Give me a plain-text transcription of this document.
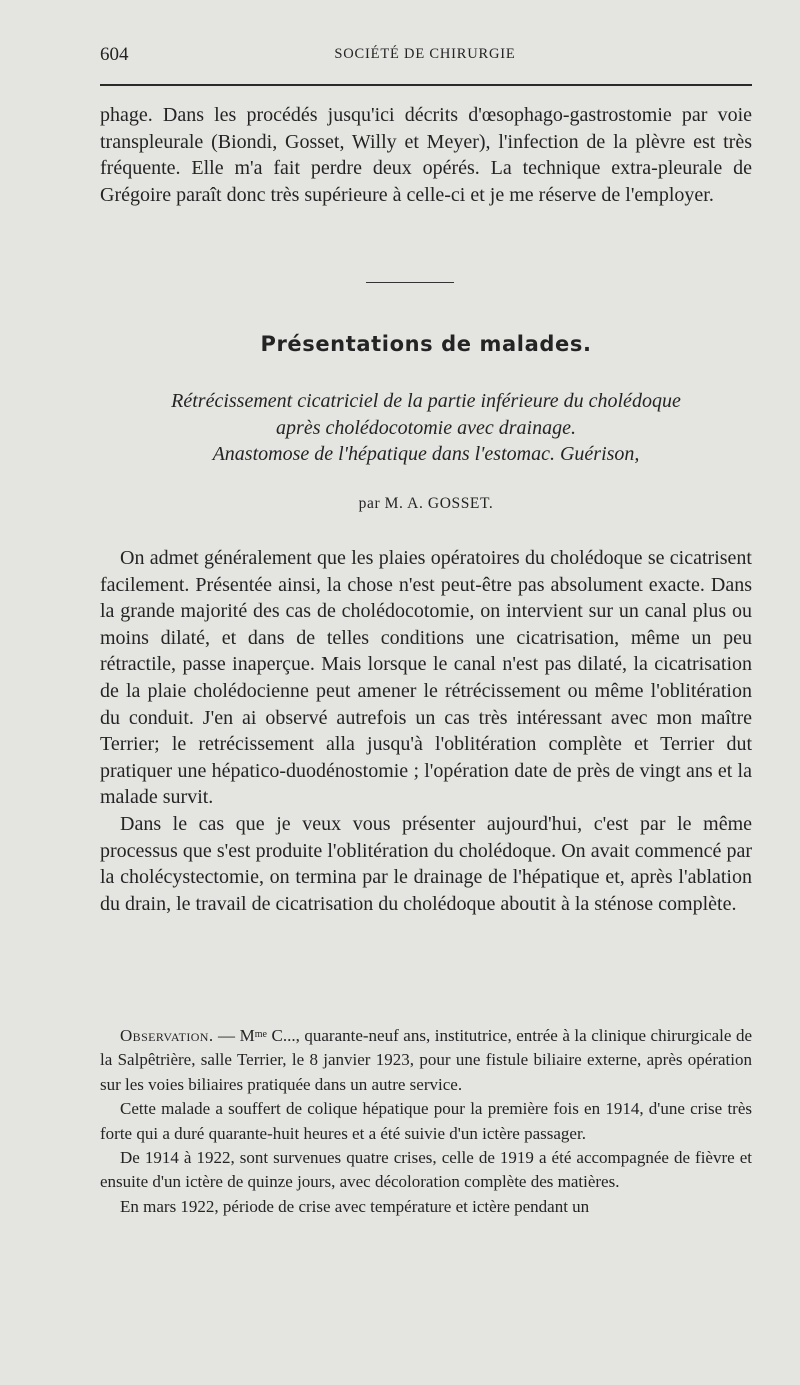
604	SOCIÉTÉ DE CHIRURGIE

phage. Dans les procédés jusqu'ici décrits d'œsophago-gastrostomie par voie transpleurale (Biondi, Gosset, Willy et Meyer), l'infection de la plèvre est très fréquente. Elle m'a fait perdre deux opérés. La technique extra-pleurale de Grégoire paraît donc très supérieure à celle-ci et je me réserve de l'employer.

Présentations de malades.
Rétrécissement cicatriciel de la partie inférieure du cholédoque
après cholédocotomie avec drainage.
Anastomose de l'hépatique dans l'estomac. Guérison,

par M. A. GOSSET.

On admet généralement que les plaies opératoires du cholédoque se cicatrisent facilement. Présentée ainsi, la chose n'est peut-être pas absolument exacte. Dans la grande majorité des cas de cholédocotomie, on intervient sur un canal plus ou moins dilaté, et dans de telles conditions une cicatrisation, même un peu rétractile, passe inaperçue. Mais lorsque le canal n'est pas dilaté, la cicatrisation de la plaie cholédocienne peut amener le rétrécissement ou même l'oblitération du conduit. J'en ai observé autrefois un cas très intéressant avec mon maître Terrier; le retrécissement alla jusqu'à l'oblitération complète et Terrier dut pratiquer une hépatico-duodénostomie ; l'opération date de près de vingt ans et la malade survit.

Dans le cas que je veux vous présenter aujourd'hui, c'est par le même processus que s'est produite l'oblitération du cholédoque. On avait commencé par la cholécystectomie, on termina par le drainage de l'hépatique et, après l'ablation du drain, le travail de cicatrisation du cholédoque aboutit à la sténose complète.

Observation. — $M^{me}$ C..., quarante-neuf ans, institutrice, entrée à la clinique chirurgicale de la Salpêtrière, salle Terrier, le 8 janvier 1923, pour une fistule biliaire externe, après opération sur les voies biliaires pratiquée dans un autre service.

Cette malade a souffert de colique hépatique pour la première fois en 1914, d'une crise très forte qui a duré quarante-huit heures et a été suivie d'un ictère passager.

De 1914 à 1922, sont survenues quatre crises, celle de 1919 a été accompagnée de fièvre et ensuite d'un ictère de quinze jours, avec décoloration complète des matières.

En mars 1922, période de crise avec température et ictère pendant un
